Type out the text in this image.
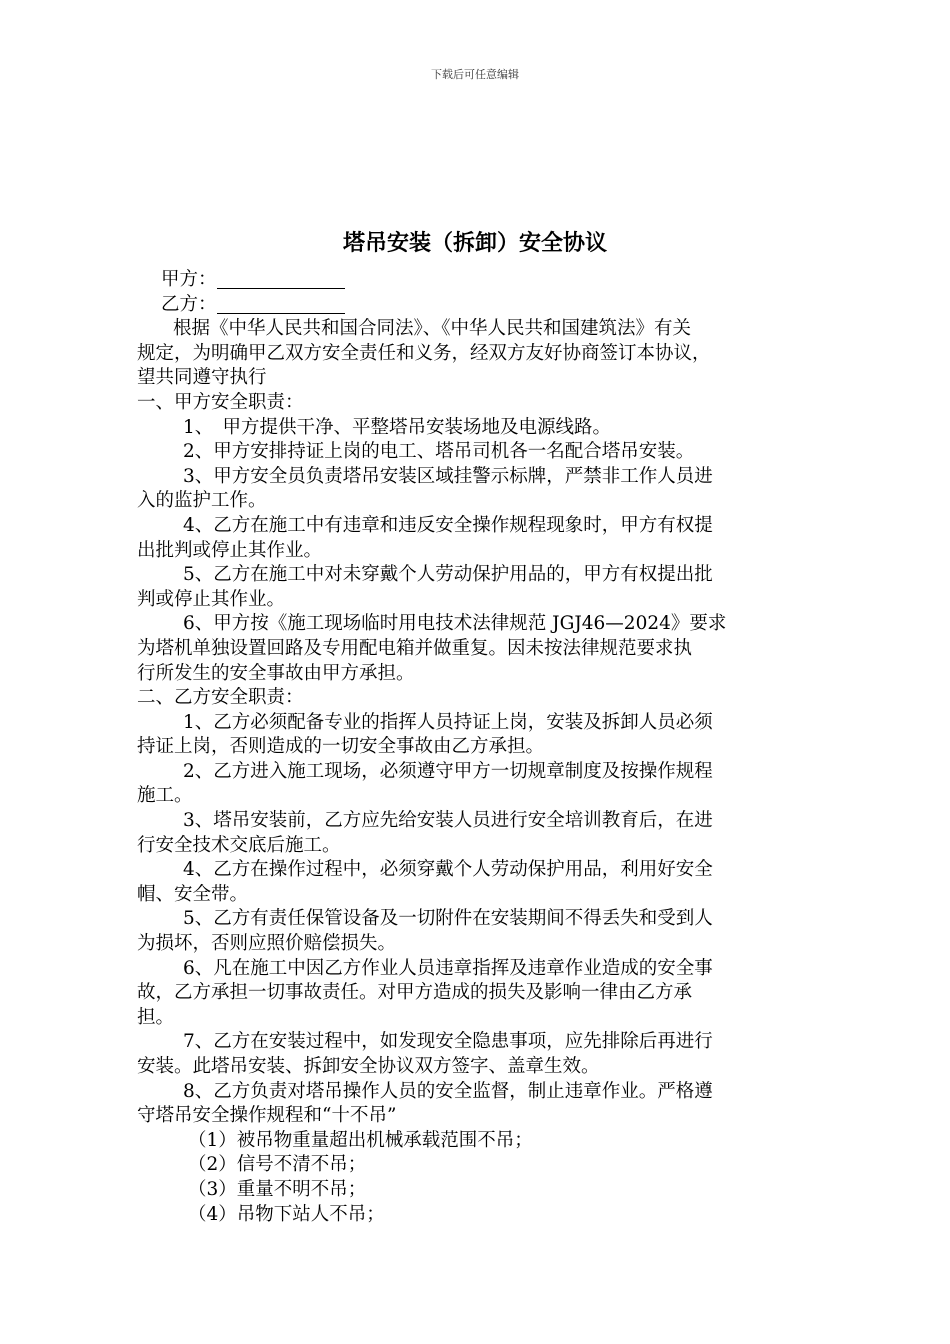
下载后可任意编辑
塔吊安装（拆卸）安全协议
甲方：
乙方：
根据《中华人民共和国合同法》、《中华人民共和国建筑法》有关
规定，为明确甲乙双方安全责任和义务，经双方友好协商签订本协议，
望共同遵守执行
一、甲方安全职责：
1、　甲方提供干净、平整塔吊安装场地及电源线路。
2、甲方安排持证上岗的电工、塔吊司机各一名配合塔吊安装。
3、甲方安全员负责塔吊安装区域挂警示标牌，严禁非工作人员进
入的监护工作。
4、乙方在施工中有违章和违反安全操作规程现象时，甲方有权提
出批判或停止其作业。
5、乙方在施工中对未穿戴个人劳动保护用品的，甲方有权提出批
判或停止其作业。
6、甲方按《施工现场临时用电技术法律规范 JGJ46—2024》要求
为塔机单独设置回路及专用配电箱并做重复。因未按法律规范要求执
行所发生的安全事故由甲方承担。
二、乙方安全职责：
1、乙方必须配备专业的指挥人员持证上岗，安装及拆卸人员必须
持证上岗，否则造成的一切安全事故由乙方承担。
2、乙方进入施工现场，必须遵守甲方一切规章制度及按操作规程
施工。
3、塔吊安装前，乙方应先给安装人员进行安全培训教育后，在进
行安全技术交底后施工。
4、乙方在操作过程中，必须穿戴个人劳动保护用品，利用好安全
帽、安全带。
5、乙方有责任保管设备及一切附件在安装期间不得丢失和受到人
为损坏，否则应照价赔偿损失。
6、凡在施工中因乙方作业人员违章指挥及违章作业造成的安全事
故，乙方承担一切事故责任。对甲方造成的损失及影响一律由乙方承
担。
7、乙方在安装过程中，如发现安全隐患事项，应先排除后再进行
安装。此塔吊安装、拆卸安全协议双方签字、盖章生效。
8、乙方负责对塔吊操作人员的安全监督，制止违章作业。严格遵
守塔吊安全操作规程和“十不吊”
（1）被吊物重量超出机械承载范围不吊；
（2）信号不清不吊；
（3）重量不明不吊；
（4）吊物下站人不吊；
